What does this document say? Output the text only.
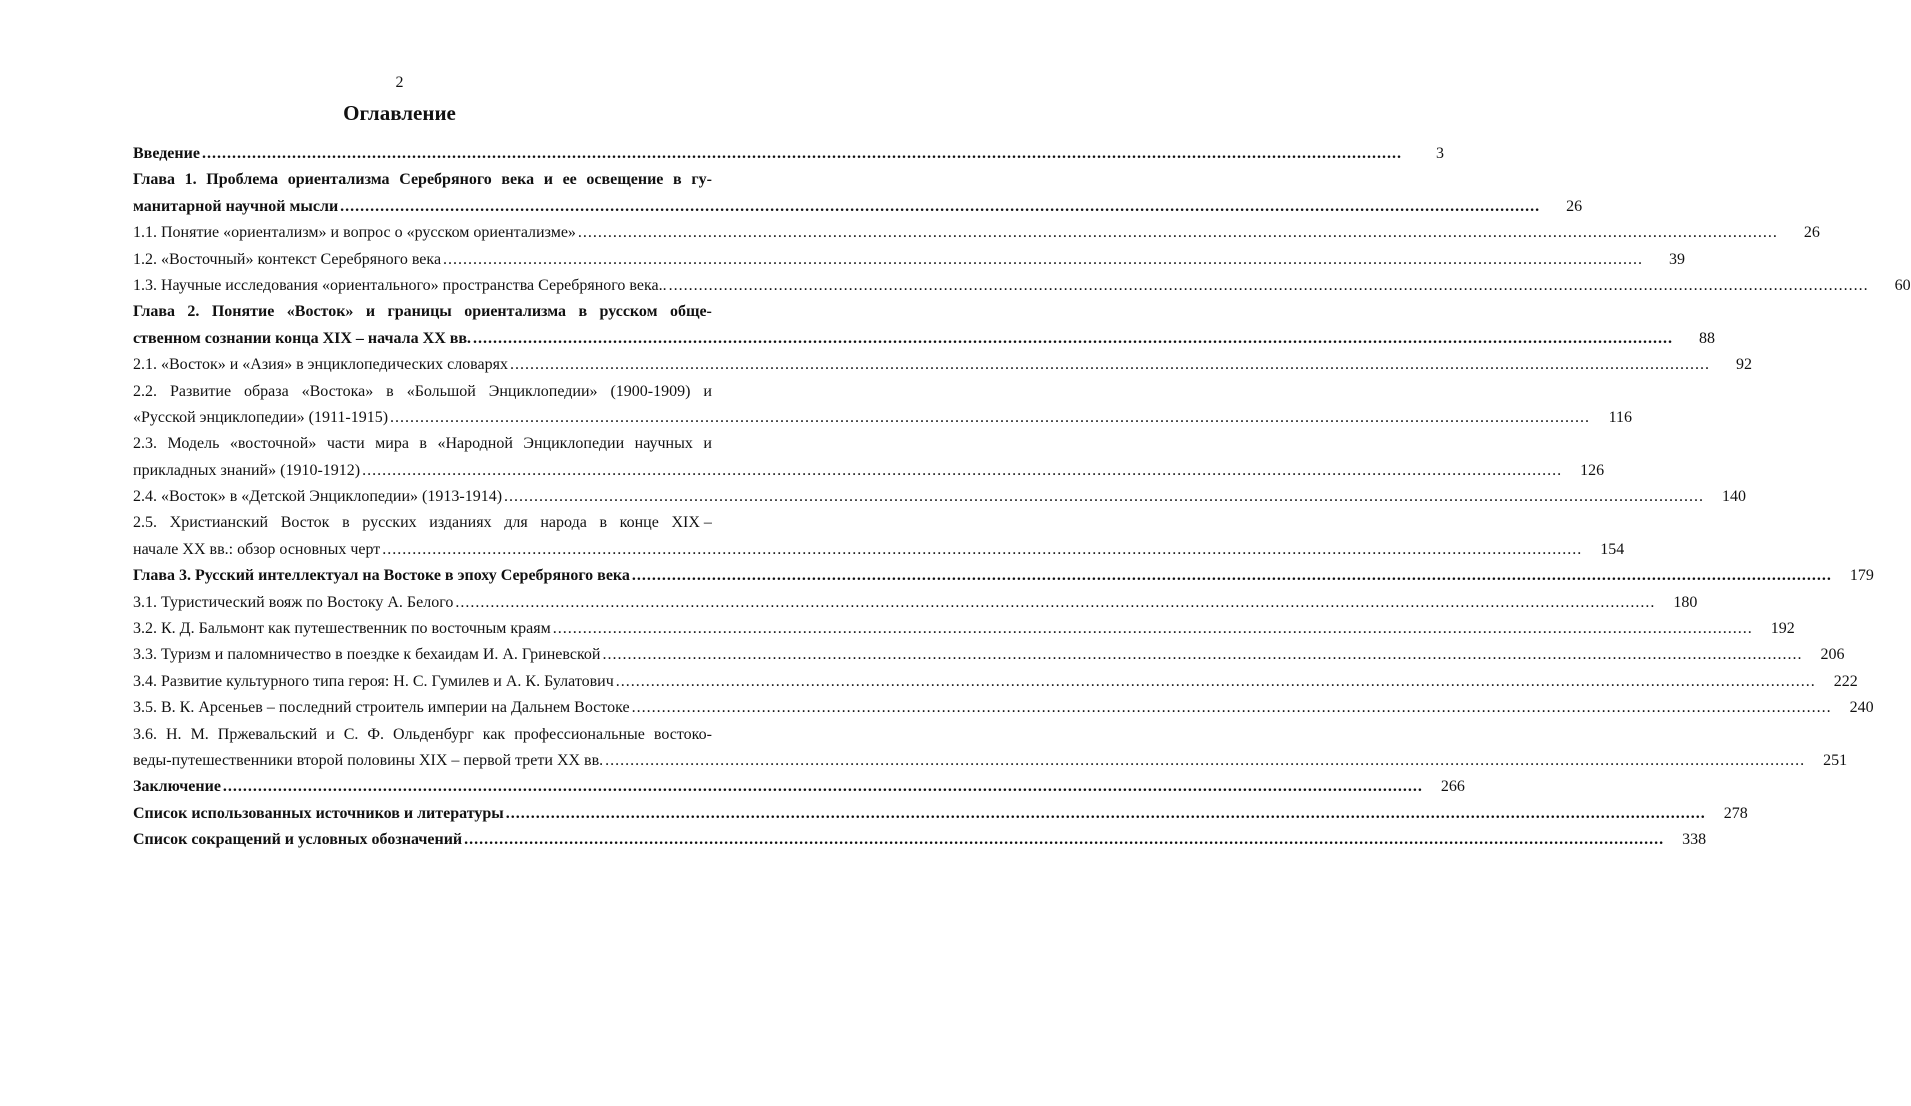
2
Оглавление
Введение .....	3
Глава 1. Проблема ориентализма Серебряного века и ее освещение в гу-
манитарной научной мысли .....	26
1.1. Понятие «ориентализм» и вопрос о «русском ориентализме» .....	26
1.2. «Восточный» контекст Серебряного века .....	39
1.3. Научные исследования «ориентального» пространства Серебряного века.. .....	60
Глава 2. Понятие «Восток» и границы ориентализма в русском обще-
ственном сознании конца XIX – начала XX вв. .....	88
2.1. «Восток» и «Азия» в энциклопедических словарях .....	92
2.2. Развитие образа «Востока» в «Большой Энциклопедии» (1900-1909) и
«Русской энциклопедии» (1911-1915) .....	116
2.3. Модель «восточной» части мира в «Народной Энциклопедии научных и
прикладных знаний» (1910-1912) .....	126
2.4. «Восток» в «Детской Энциклопедии» (1913-1914) .....	140
2.5. Христианский Восток в русских изданиях для народа в конце XIX –
начале XX вв.: обзор основных черт .....	154
Глава 3. Русский интеллектуал на Востоке в эпоху Серебряного века .....	179
3.1. Туристический вояж по Востоку А. Белого .....	180
3.2. К. Д. Бальмонт как путешественник по восточным краям .....	192
3.3. Туризм и паломничество в поездке к бехаидам И. А. Гриневской .....	206
3.4. Развитие культурного типа героя: Н. С. Гумилев и А. К. Булатович .....	222
3.5. В. К. Арсеньев – последний строитель империи на Дальнем Востоке .....	240
3.6. Н. М. Пржевальский и С. Ф. Ольденбург как профессиональные востоко-
веды-путешественники второй половины XIX – первой трети XX вв. .....	251
Заключение .....	266
Список использованных источников и литературы .....	278
Список сокращений и условных обозначений .....	338
